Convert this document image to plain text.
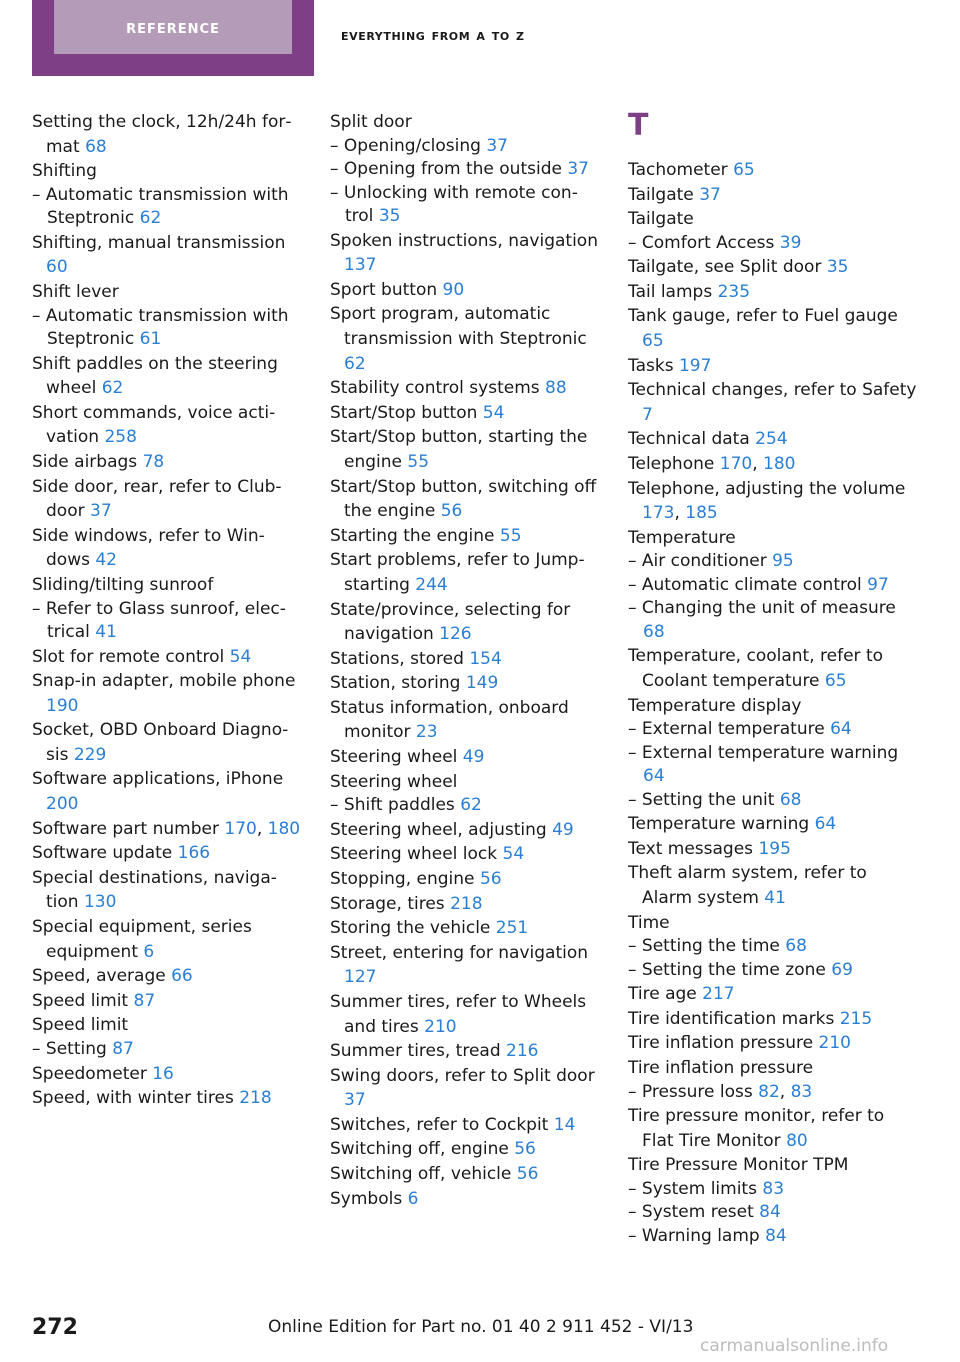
reference	everything from a to z
Setting the clock, 12h/24h format 68
Shifting
– Automatic transmission with Steptronic 62
Shifting, manual transmission 60
Shift lever
– Automatic transmission with Steptronic 61
Shift paddles on the steering wheel 62
Short commands, voice activation 258
Side airbags 78
Side door, rear, refer to Clubdoor 37
Side windows, refer to Windows 42
Sliding/tilting sunroof
– Refer to Glass sunroof, electrical 41
Slot for remote control 54
Snap-in adapter, mobile phone 190
Socket, OBD Onboard Diagnosis 229
Software applications, iPhone 200
Software part number 170, 180
Software update 166
Special destinations, navigation 130
Special equipment, series equipment 6
Speed, average 66
Speed limit 87
Speed limit
– Setting 87
Speedometer 16
Speed, with winter tires 218
Split door
– Opening/closing 37
– Opening from the outside 37
– Unlocking with remote control 35
Spoken instructions, navigation 137
Sport button 90
Sport program, automatic transmission with Steptronic 62
Stability control systems 88
Start/Stop button 54
Start/Stop button, starting the engine 55
Start/Stop button, switching off the engine 56
Starting the engine 55
Start problems, refer to Jump-starting 244
State/province, selecting for navigation 126
Stations, stored 154
Station, storing 149
Status information, onboard monitor 23
Steering wheel 49
Steering wheel
– Shift paddles 62
Steering wheel, adjusting 49
Steering wheel lock 54
Stopping, engine 56
Storage, tires 218
Storing the vehicle 251
Street, entering for navigation 127
Summer tires, refer to Wheels and tires 210
Summer tires, tread 216
Swing doors, refer to Split door 37
Switches, refer to Cockpit 14
Switching off, engine 56
Switching off, vehicle 56
Symbols 6
T
Tachometer 65
Tailgate 37
Tailgate
– Comfort Access 39
Tailgate, see Split door 35
Tail lamps 235
Tank gauge, refer to Fuel gauge 65
Tasks 197
Technical changes, refer to Safety 7
Technical data 254
Telephone 170, 180
Telephone, adjusting the volume 173, 185
Temperature
– Air conditioner 95
– Automatic climate control 97
– Changing the unit of measure 68
Temperature, coolant, refer to Coolant temperature 65
Temperature display
– External temperature 64
– External temperature warning 64
– Setting the unit 68
Temperature warning 64
Text messages 195
Theft alarm system, refer to Alarm system 41
Time
– Setting the time 68
– Setting the time zone 69
Tire age 217
Tire identification marks 215
Tire inflation pressure 210
Tire inflation pressure
– Pressure loss 82, 83
Tire pressure monitor, refer to Flat Tire Monitor 80
Tire Pressure Monitor TPM
– System limits 83
– System reset 84
– Warning lamp 84
272	Online Edition for Part no. 01 40 2 911 452 - VI/13
carmanualsonline.info
